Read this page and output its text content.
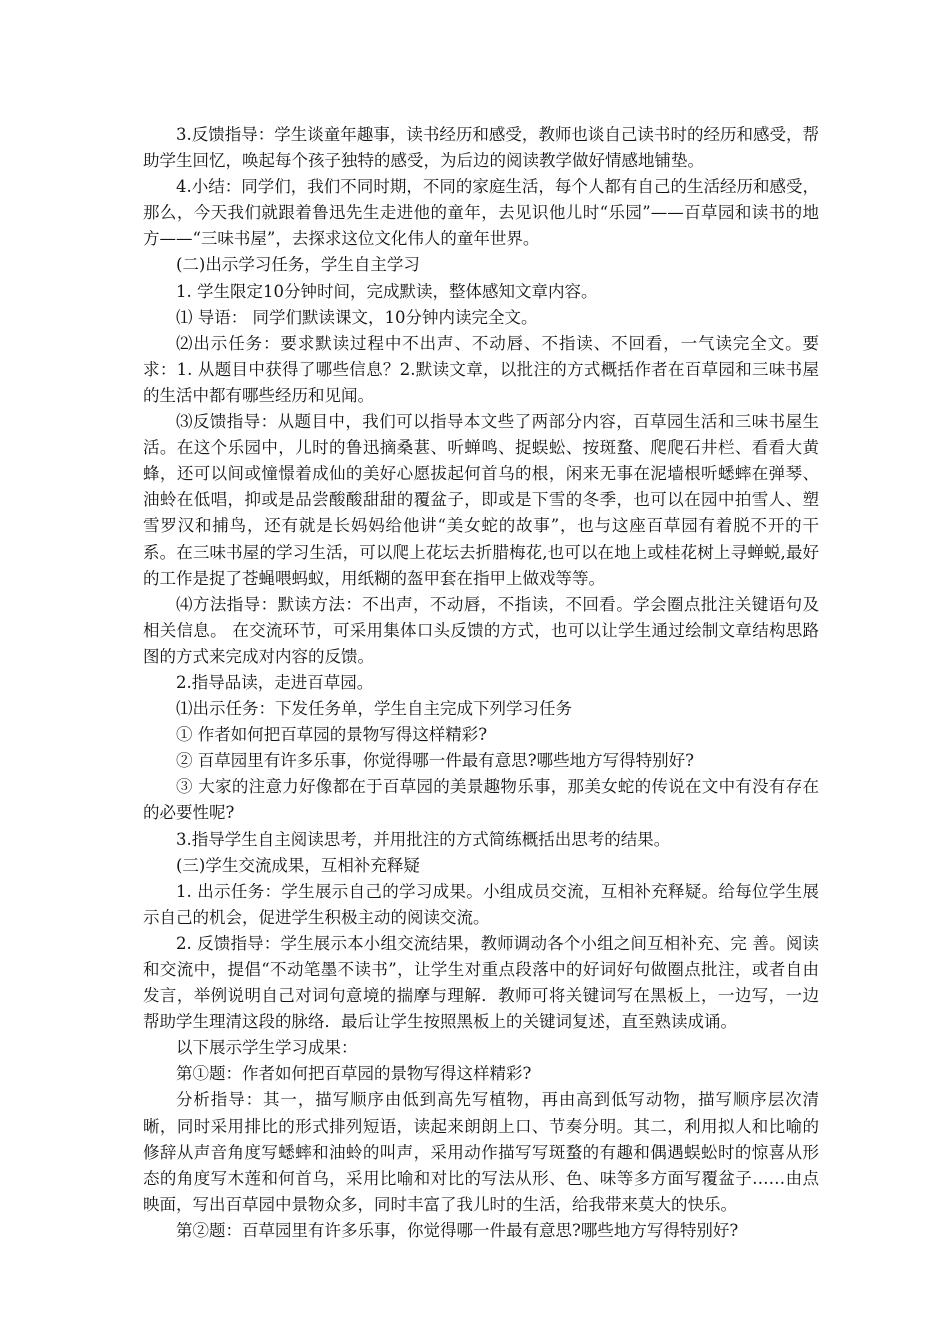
3.反馈指导：学生谈童年趣事，读书经历和感受，教师也谈自己读书时的经历和感受，帮助学生回忆，唤起每个孩子独特的感受，为后边的阅读教学做好情感地铺垫。

4.小结：同学们，我们不同时期，不同的家庭生活，每个人都有自己的生活经历和感受，那么，今天我们就跟着鲁迅先生走进他的童年，去见识他儿时“乐园”——百草园和读书的地方——“三味书屋”，去探求这位文化伟人的童年世界。

(二)出示学习任务，学生自主学习

1. 学生限定10分钟时间，完成默读，整体感知文章内容。

⑴ 导语： 同学们默读课文，10分钟内读完全文。

⑵出示任务：要求默读过程中不出声、不动唇、不指读、不回看，一气读完全文。要求：1. 从题目中获得了哪些信息？2.默读文章，以批注的方式概括作者在百草园和三味书屋的生活中都有哪些经历和见闻。

⑶反馈指导：从题目中，我们可以指导本文些了两部分内容，百草园生活和三味书屋生活。在这个乐园中，儿时的鲁迅摘桑葚、听蝉鸣、捉蜈蚣、按斑蝥、爬爬石井栏、看看大黄蜂，还可以间或憧憬着成仙的美好心愿拔起何首乌的根，闲来无事在泥墙根听蟋蟀在弹琴、油蛉在低唱，抑或是品尝酸酸甜甜的覆盆子，即或是下雪的冬季，也可以在园中拍雪人、塑雪罗汉和捕鸟，还有就是长妈妈给他讲“美女蛇的故事”，也与这座百草园有着脱不开的干系。在三味书屋的学习生活，可以爬上花坛去折腊梅花,也可以在地上或桂花树上寻蝉蜕,最好的工作是捉了苍蝇喂蚂蚁，用纸糊的盔甲套在指甲上做戏等等。

⑷方法指导：默读方法：不出声，不动唇，不指读，不回看。学会圈点批注关键语句及相关信息。 在交流环节，可采用集体口头反馈的方式，也可以让学生通过绘制文章结构思路图的方式来完成对内容的反馈。

2.指导品读，走进百草园。

⑴出示任务：下发任务单，学生自主完成下列学习任务

① 作者如何把百草园的景物写得这样精彩?

② 百草园里有许多乐事，你觉得哪一件最有意思?哪些地方写得特别好?

③ 大家的注意力好像都在于百草园的美景趣物乐事，那美女蛇的传说在文中有没有存在的必要性呢?

3.指导学生自主阅读思考，并用批注的方式简练概括出思考的结果。

(三)学生交流成果，互相补充释疑

1. 出示任务：学生展示自己的学习成果。小组成员交流，互相补充释疑。给每位学生展示自己的机会，促进学生积极主动的阅读交流。

2. 反馈指导：学生展示本小组交流结果，教师调动各个小组之间互相补充、完 善。阅读和交流中，提倡“不动笔墨不读书”，让学生对重点段落中的好词好句做圈点批注，或者自由发言，举例说明自己对词句意境的揣摩与理解．教师可将关键词写在黑板上，一边写，一边帮助学生理清这段的脉络．最后让学生按照黑板上的关键词复述，直至熟读成诵。

以下展示学生学习成果：

第①题：作者如何把百草园的景物写得这样精彩?

分析指导：其一，描写顺序由低到高先写植物，再由高到低写动物，描写顺序层次清晰，同时采用排比的形式排列短语，读起来朗朗上口、节奏分明。其二，利用拟人和比喻的修辞从声音角度写蟋蟀和油蛉的叫声，采用动作描写写斑蝥的有趣和偶遇蜈蚣时的惊喜从形态的角度写木莲和何首乌，采用比喻和对比的写法从形、色、味等多方面写覆盆子……由点映面，写出百草园中景物众多，同时丰富了我儿时的生活，给我带来莫大的快乐。

第②题：百草园里有许多乐事，你觉得哪一件最有意思?哪些地方写得特别好?
